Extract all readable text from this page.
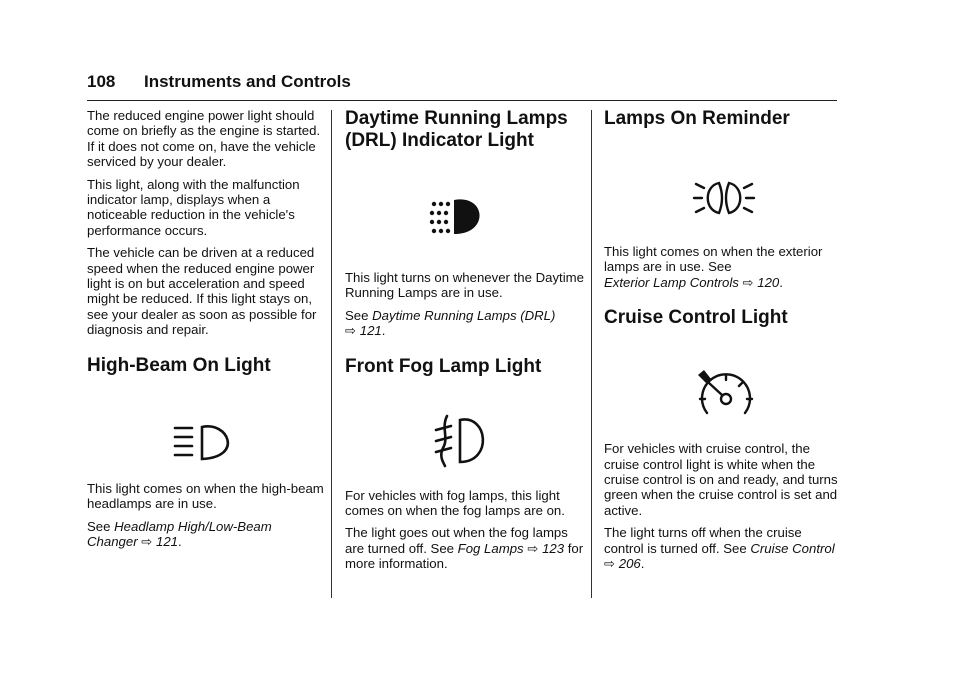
108 Instruments and Controls

The reduced engine power light should come on briefly as the engine is started. If it does not come on, have the vehicle serviced by your dealer.

This light, along with the malfunction indicator lamp, displays when a noticeable reduction in the vehicle's performance occurs.

The vehicle can be driven at a reduced speed when the reduced engine power light is on but acceleration and speed might be reduced. If this light stays on, see your dealer as soon as possible for diagnosis and repair.

High-Beam On Light

This light comes on when the high-beam headlamps are in use.

See Headlamp High/Low-Beam Changer ⇨ 121.

Daytime Running Lamps
(DRL) Indicator Light

This light turns on whenever the Daytime Running Lamps are in use.

See Daytime Running Lamps (DRL)
⇨ 121.

Front Fog Lamp Light

For vehicles with fog lamps, this light comes on when the fog lamps are on.

The light goes out when the fog lamps are turned off. See Fog Lamps ⇨ 123 for more information.

Lamps On Reminder

This light comes on when the exterior lamps are in use. See
Exterior Lamp Controls ⇨ 120.

Cruise Control Light

For vehicles with cruise control, the cruise control light is white when the cruise control is on and ready, and turns green when the cruise control is set and active.

The light turns off when the cruise control is turned off. See Cruise Control ⇨ 206.
